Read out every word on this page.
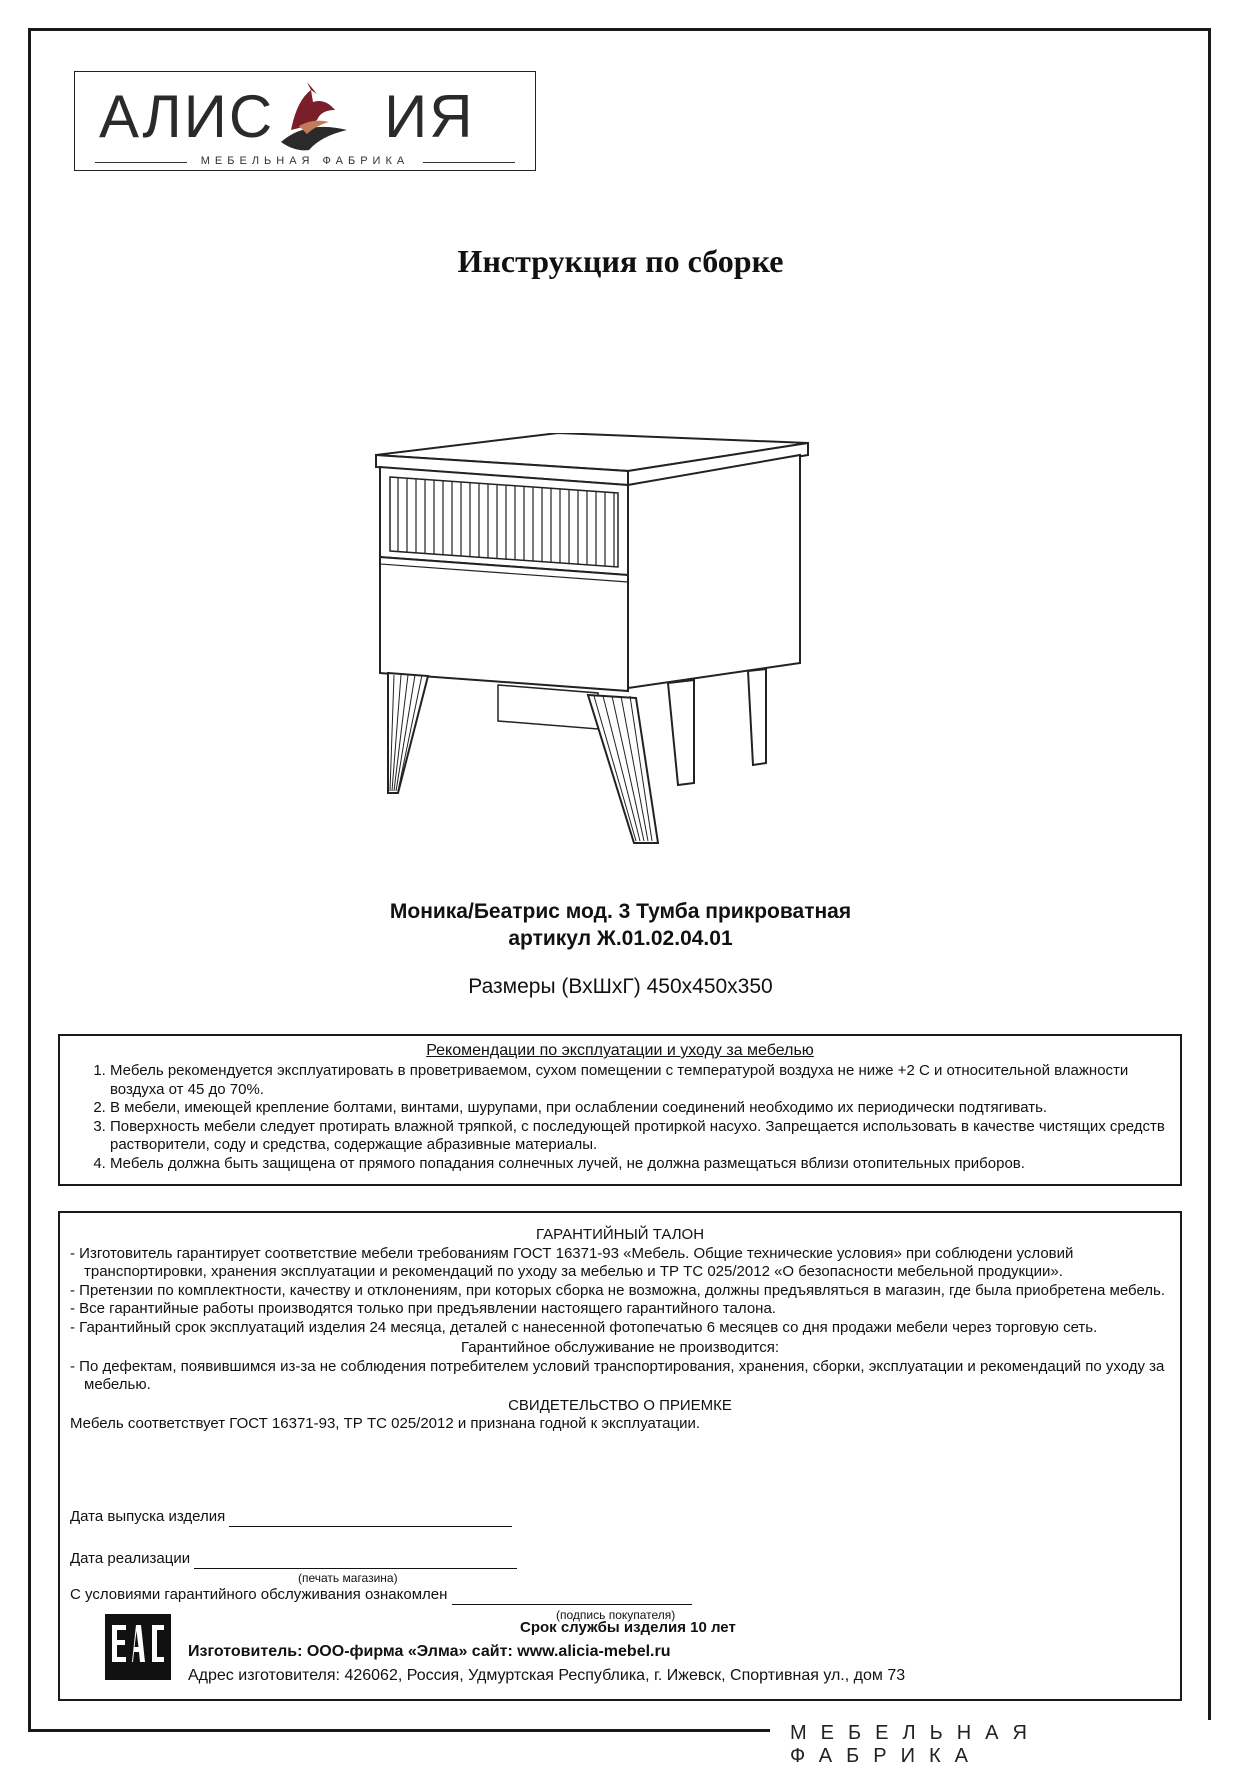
МЕБЕЛЬНАЯ ФАБРИКА
АЛИС ИЯ
МЕБЕЛЬНАЯ ФАБРИКА
Инструкция по сборке
Моника/Беатрис мод. 3 Тумба прикроватная
артикул Ж.01.02.04.01
Размеры (ВхШхГ) 450х450х350
Рекомендации по эксплуатации и уходу за мебелью
1. Мебель рекомендуется эксплуатировать в проветриваемом, сухом помещении с температурой воздуха не ниже +2 С и относительной влажности воздуха от 45 до 70%.
2. В мебели, имеющей крепление болтами, винтами, шурупами, при ослаблении соединений необходимо их периодически подтягивать.
3. Поверхность мебели следует протирать влажной тряпкой, с последующей протиркой насухо. Запрещается использовать в качестве чистящих средств растворители, соду и средства, содержащие абразивные материалы.
4. Мебель должна быть защищена от прямого попадания солнечных лучей, не должна размещаться вблизи отопительных приборов.
ГАРАНТИЙНЫЙ ТАЛОН
- Изготовитель гарантирует соответствие мебели требованиям ГОСТ 16371-93 «Мебель. Общие технические условия» при соблюдени условий транспортировки, хранения эксплуатации и рекомендаций по уходу за мебелью и ТР ТС 025/2012 «О безопасности мебельной продукции».
- Претензии по комплектности, качеству и отклонениям, при которых сборка не возможна, должны предъявляться в магазин, где была приобретена мебель.
- Все гарантийные работы производятся только при предъявлении настоящего гарантийного талона.
- Гарантийный срок эксплуатаций изделия 24 месяца, деталей с нанесенной фотопечатью 6 месяцев со дня продажи мебели через торговую сеть.
Гарантийное обслуживание не производится:
- По дефектам, появившимся из-за не соблюдения потребителем условий транспортирования, хранения, сборки, эксплуатации и рекомендаций по уходу за мебелью.
СВИДЕТЕЛЬСТВО О ПРИЕМКЕ
Мебель соответствует ГОСТ 16371-93, ТР ТС 025/2012 и признана годной к эксплуатации.
Дата выпуска изделия
Дата реализации
(печать магазина)
С условиями гарантийного обслуживания ознакомлен
(подпись покупателя)
Срок службы изделия 10 лет
Изготовитель: ООО-фирма «Элма» сайт: www.alicia-mebel.ru
Адрес изготовителя: 426062, Россия, Удмуртская Республика, г. Ижевск, Спортивная ул., дом 73
